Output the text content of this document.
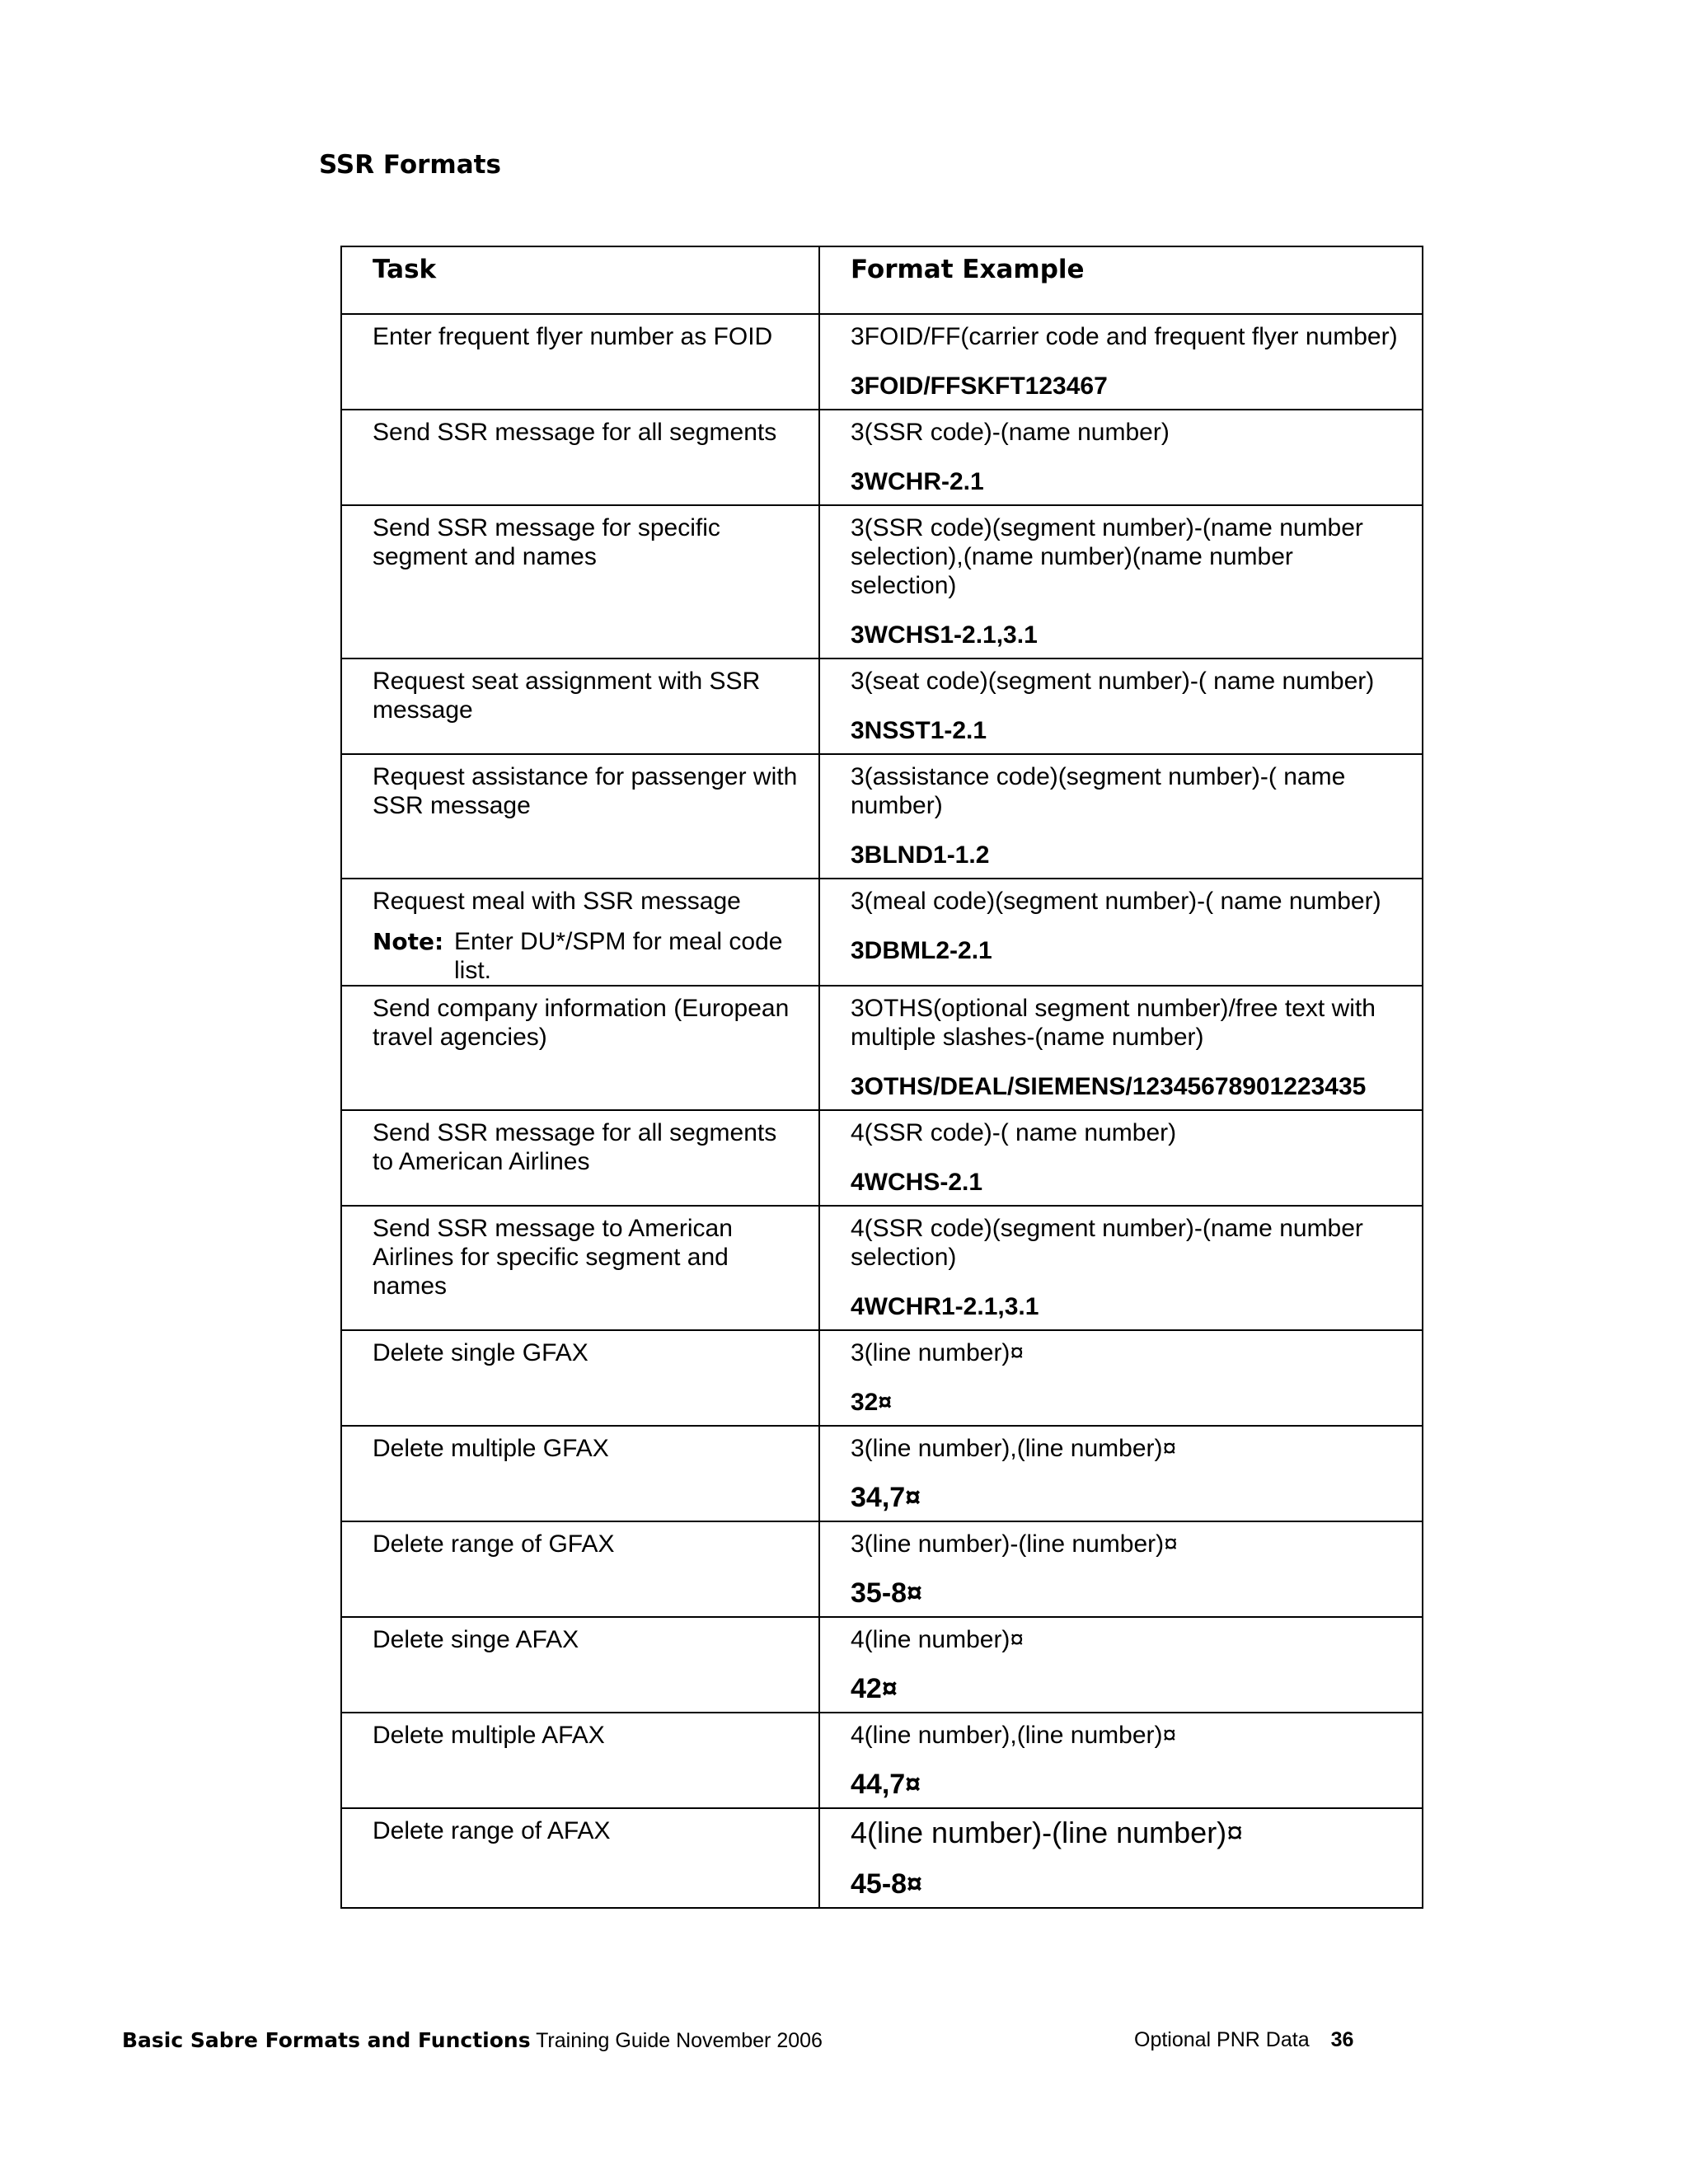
SSR Formats
Task	Format Example

Enter frequent flyer number as FOID	3FOID/FF(carrier code and frequent flyer number)
3FOID/FFSKFT123467

Send SSR message for all segments	3(SSR code)-(name number)
3WCHR-2.1

Send SSR message for specific segment and names	3(SSR code)(segment number)-(name number selection),(name number)(name number selection)
3WCHS1-2.1,3.1

Request seat assignment with SSR message	3(seat code)(segment number)-( name number)
3NSST1-2.1

Request assistance for passenger with SSR message	3(assistance code)(segment number)-( name number)
3BLND1-1.2

Request meal with SSR message
Note: Enter DU*/SPM for meal code list.	3(meal code)(segment number)-( name number)
3DBML2-2.1

Send company information (European travel agencies)	3OTHS(optional segment number)/free text with multiple slashes-(name number)
3OTHS/DEAL/SIEMENS/12345678901223435

Send SSR message for all segments to American Airlines	4(SSR code)-( name number)
4WCHS-2.1

Send SSR message to American Airlines for specific segment and names	4(SSR code)(segment number)-(name number selection)
4WCHR1-2.1,3.1

Delete single GFAX	3(line number)¤
32¤

Delete multiple GFAX	3(line number),(line number)¤
34,7¤

Delete range of GFAX	3(line number)-(line number)¤
35-8¤

Delete singe AFAX	4(line number)¤
42¤

Delete multiple AFAX	4(line number),(line number)¤
44,7¤

Delete range of AFAX	4(line number)-(line number)¤
45-8¤
Basic Sabre Formats and Functions Training Guide November 2006	Optional PNR Data 36
